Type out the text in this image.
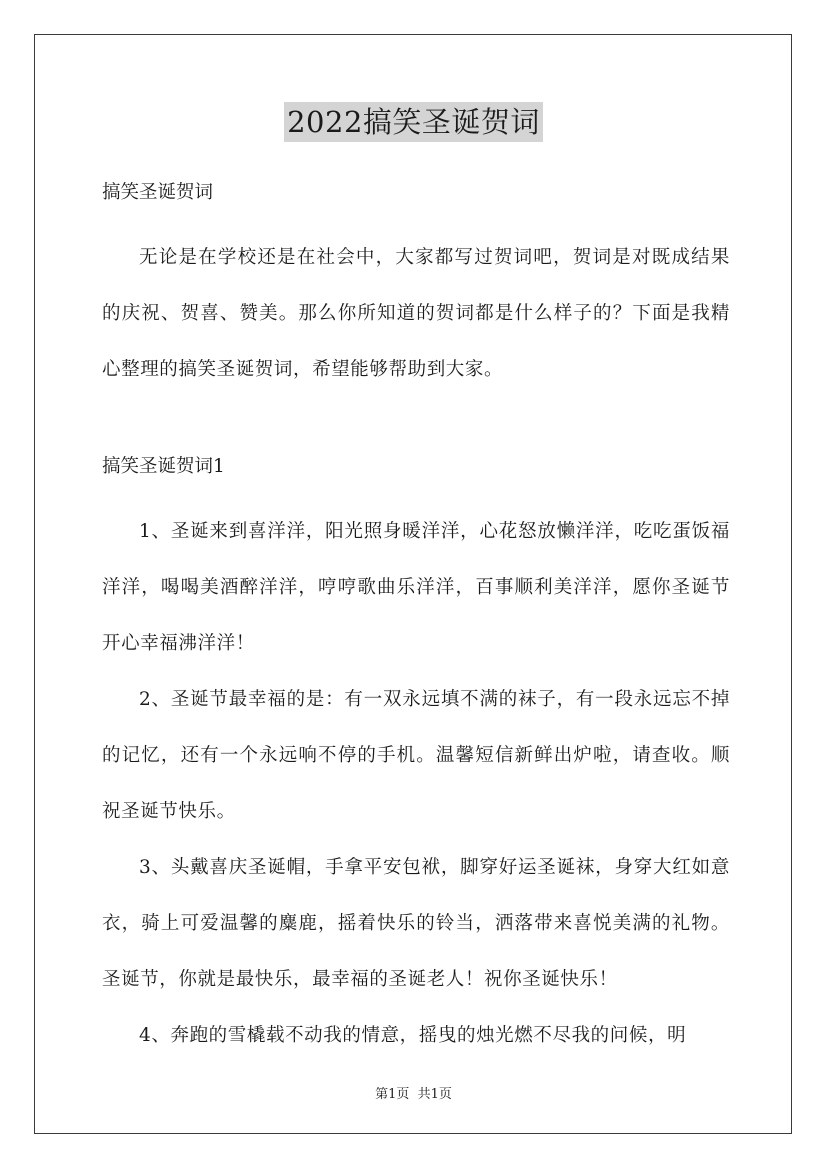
2022搞笑圣诞贺词
搞笑圣诞贺词

无论是在学校还是在社会中，大家都写过贺词吧，贺词是对既成结果的庆祝、贺喜、赞美。那么你所知道的贺词都是什么样子的？下面是我精心整理的搞笑圣诞贺词，希望能够帮助到大家。

搞笑圣诞贺词1

1、圣诞来到喜洋洋，阳光照身暖洋洋，心花怒放懒洋洋，吃吃蛋饭福洋洋，喝喝美酒醉洋洋，哼哼歌曲乐洋洋，百事顺利美洋洋，愿你圣诞节开心幸福沸洋洋！

2、圣诞节最幸福的是：有一双永远填不满的袜子，有一段永远忘不掉的记忆，还有一个永远响不停的手机。温馨短信新鲜出炉啦，请查收。顺祝圣诞节快乐。

3、头戴喜庆圣诞帽，手拿平安包袱，脚穿好运圣诞袜，身穿大红如意衣，骑上可爱温馨的麋鹿，摇着快乐的铃当，洒落带来喜悦美满的礼物。圣诞节，你就是最快乐，最幸福的圣诞老人！祝你圣诞快乐！

4、奔跑的雪橇载不动我的情意，摇曳的烛光燃不尽我的问候，明

第1页  共1页
